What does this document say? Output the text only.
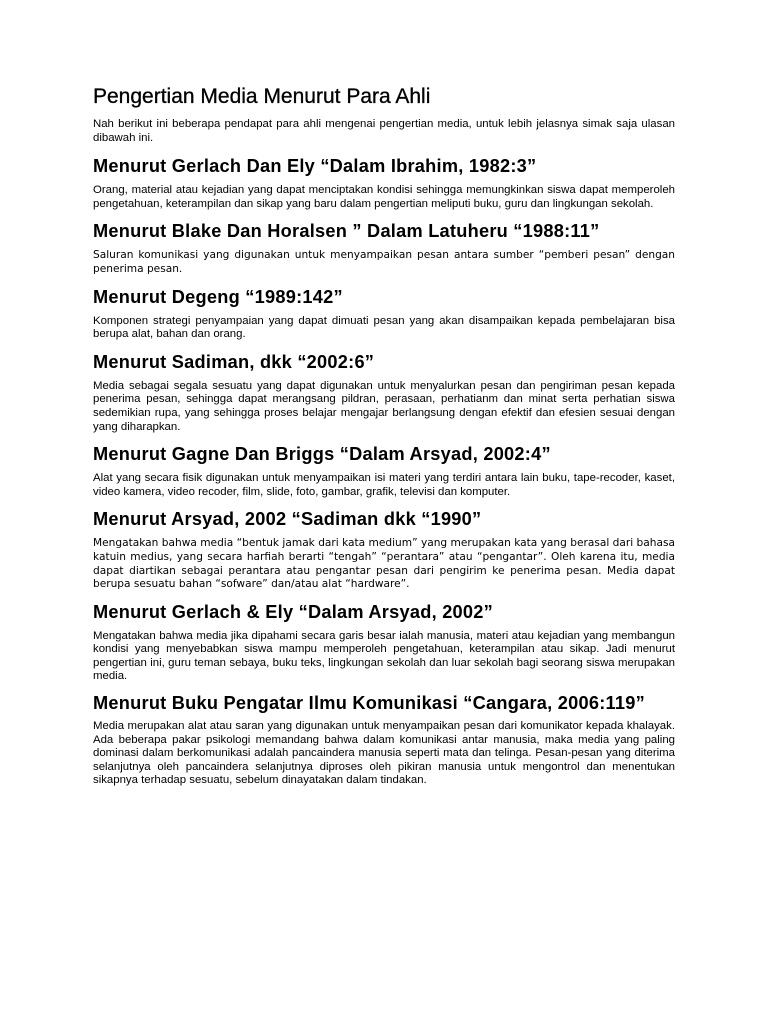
Pengertian Media Menurut Para Ahli

Nah berikut ini beberapa pendapat para ahli mengenai pengertian media, untuk lebih jelasnya simak saja ulasan dibawah ini.

Menurut Gerlach Dan Ely “Dalam Ibrahim, 1982:3”

Orang, material atau kejadian yang dapat menciptakan kondisi sehingga memungkinkan siswa dapat memperoleh pengetahuan, keterampilan dan sikap yang baru dalam pengertian meliputi buku, guru dan lingkungan sekolah.

Menurut Blake Dan Horalsen ” Dalam Latuheru “1988:11”

Saluran komunikasi yang digunakan untuk menyampaikan pesan antara sumber “pemberi pesan” dengan penerima pesan.

Menurut Degeng “1989:142”

Komponen strategi penyampaian yang dapat dimuati pesan yang akan disampaikan kepada pembelajaran bisa berupa alat, bahan dan orang.

Menurut Sadiman, dkk “2002:6”

Media sebagai segala sesuatu yang dapat digunakan untuk menyalurkan pesan dan pengiriman pesan kepada penerima pesan, sehingga dapat merangsang pildran, perasaan, perhatianm dan minat serta perhatian siswa sedemikian rupa, yang sehingga proses belajar mengajar berlangsung dengan efektif dan efesien sesuai dengan yang diharapkan.

Menurut Gagne Dan Briggs “Dalam Arsyad, 2002:4”

Alat yang secara fisik digunakan untuk menyampaikan isi materi yang terdiri antara lain buku, tape-recoder, kaset, video kamera, video recoder, film, slide, foto, gambar, grafik, televisi dan komputer.

Menurut Arsyad, 2002 “Sadiman dkk “1990”

Mengatakan bahwa media “bentuk jamak dari kata medium” yang merupakan kata yang berasal dari bahasa katuin medius, yang secara harfiah berarti “tengah” “perantara” atau “pengantar”. Oleh karena itu, media dapat diartikan sebagai perantara atau pengantar pesan dari pengirim ke penerima pesan. Media dapat berupa sesuatu bahan “sofware” dan/atau alat “hardware”.

Menurut Gerlach & Ely “Dalam Arsyad, 2002”

Mengatakan bahwa media jika dipahami secara garis besar ialah manusia, materi atau kejadian yang membangun kondisi yang menyebabkan siswa mampu memperoleh pengetahuan, keterampilan atau sikap. Jadi menurut pengertian ini, guru teman sebaya, buku teks, lingkungan sekolah dan luar sekolah bagi seorang siswa merupakan media.

Menurut Buku Pengatar Ilmu Komunikasi “Cangara, 2006:119”

Media merupakan alat atau saran yang digunakan untuk menyampaikan pesan dari komunikator kepada khalayak. Ada beberapa pakar psikologi memandang bahwa dalam komunikasi antar manusia, maka media yang paling dominasi dalam berkomunikasi adalah pancaindera manusia seperti mata dan telinga. Pesan-pesan yang diterima selanjutnya oleh pancaindera selanjutnya diproses oleh pikiran manusia untuk mengontrol dan menentukan sikapnya terhadap sesuatu, sebelum dinayatakan dalam tindakan.
